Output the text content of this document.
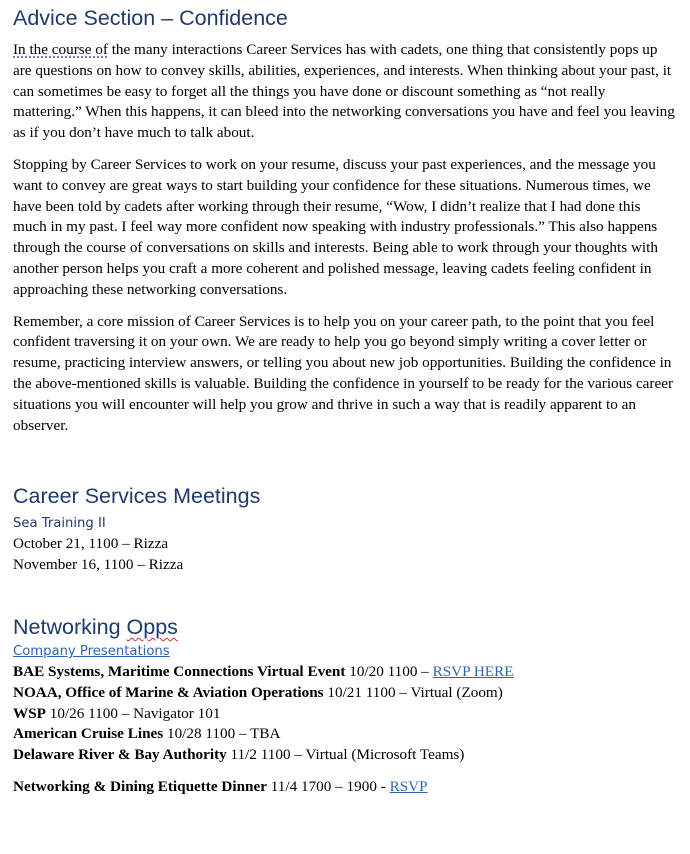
Advice Section – Confidence

In the course of the many interactions Career Services has with cadets, one thing that consistently pops up are questions on how to convey skills, abilities, experiences, and interests. When thinking about your past, it can sometimes be easy to forget all the things you have done or discount something as “not really mattering.” When this happens, it can bleed into the networking conversations you have and feel you leaving as if you don’t have much to talk about.

Stopping by Career Services to work on your resume, discuss your past experiences, and the message you want to convey are great ways to start building your confidence for these situations. Numerous times, we have been told by cadets after working through their resume, “Wow, I didn’t realize that I had done this much in my past. I feel way more confident now speaking with industry professionals.” This also happens through the course of conversations on skills and interests. Being able to work through your thoughts with another person helps you craft a more coherent and polished message, leaving cadets feeling confident in approaching these networking conversations.

Remember, a core mission of Career Services is to help you on your career path, to the point that you feel confident traversing it on your own. We are ready to help you go beyond simply writing a cover letter or resume, practicing interview answers, or telling you about new job opportunities. Building the confidence in the above-mentioned skills is valuable. Building the confidence in yourself to be ready for the various career situations you will encounter will help you grow and thrive in such a way that is readily apparent to an observer.

Career Services Meetings
Sea Training II

October 21, 1100 – Rizza
November 16, 1100 – Rizza

Networking Opps
Company Presentations

BAE Systems, Maritime Connections Virtual Event 10/20 1100 – RSVP HERE
NOAA, Office of Marine & Aviation Operations 10/21 1100 – Virtual (Zoom)
WSP 10/26 1100 – Navigator 101
American Cruise Lines 10/28 1100 – TBA
Delaware River & Bay Authority 11/2 1100 – Virtual (Microsoft Teams)

Networking & Dining Etiquette Dinner 11/4 1700 – 1900 - RSVP
